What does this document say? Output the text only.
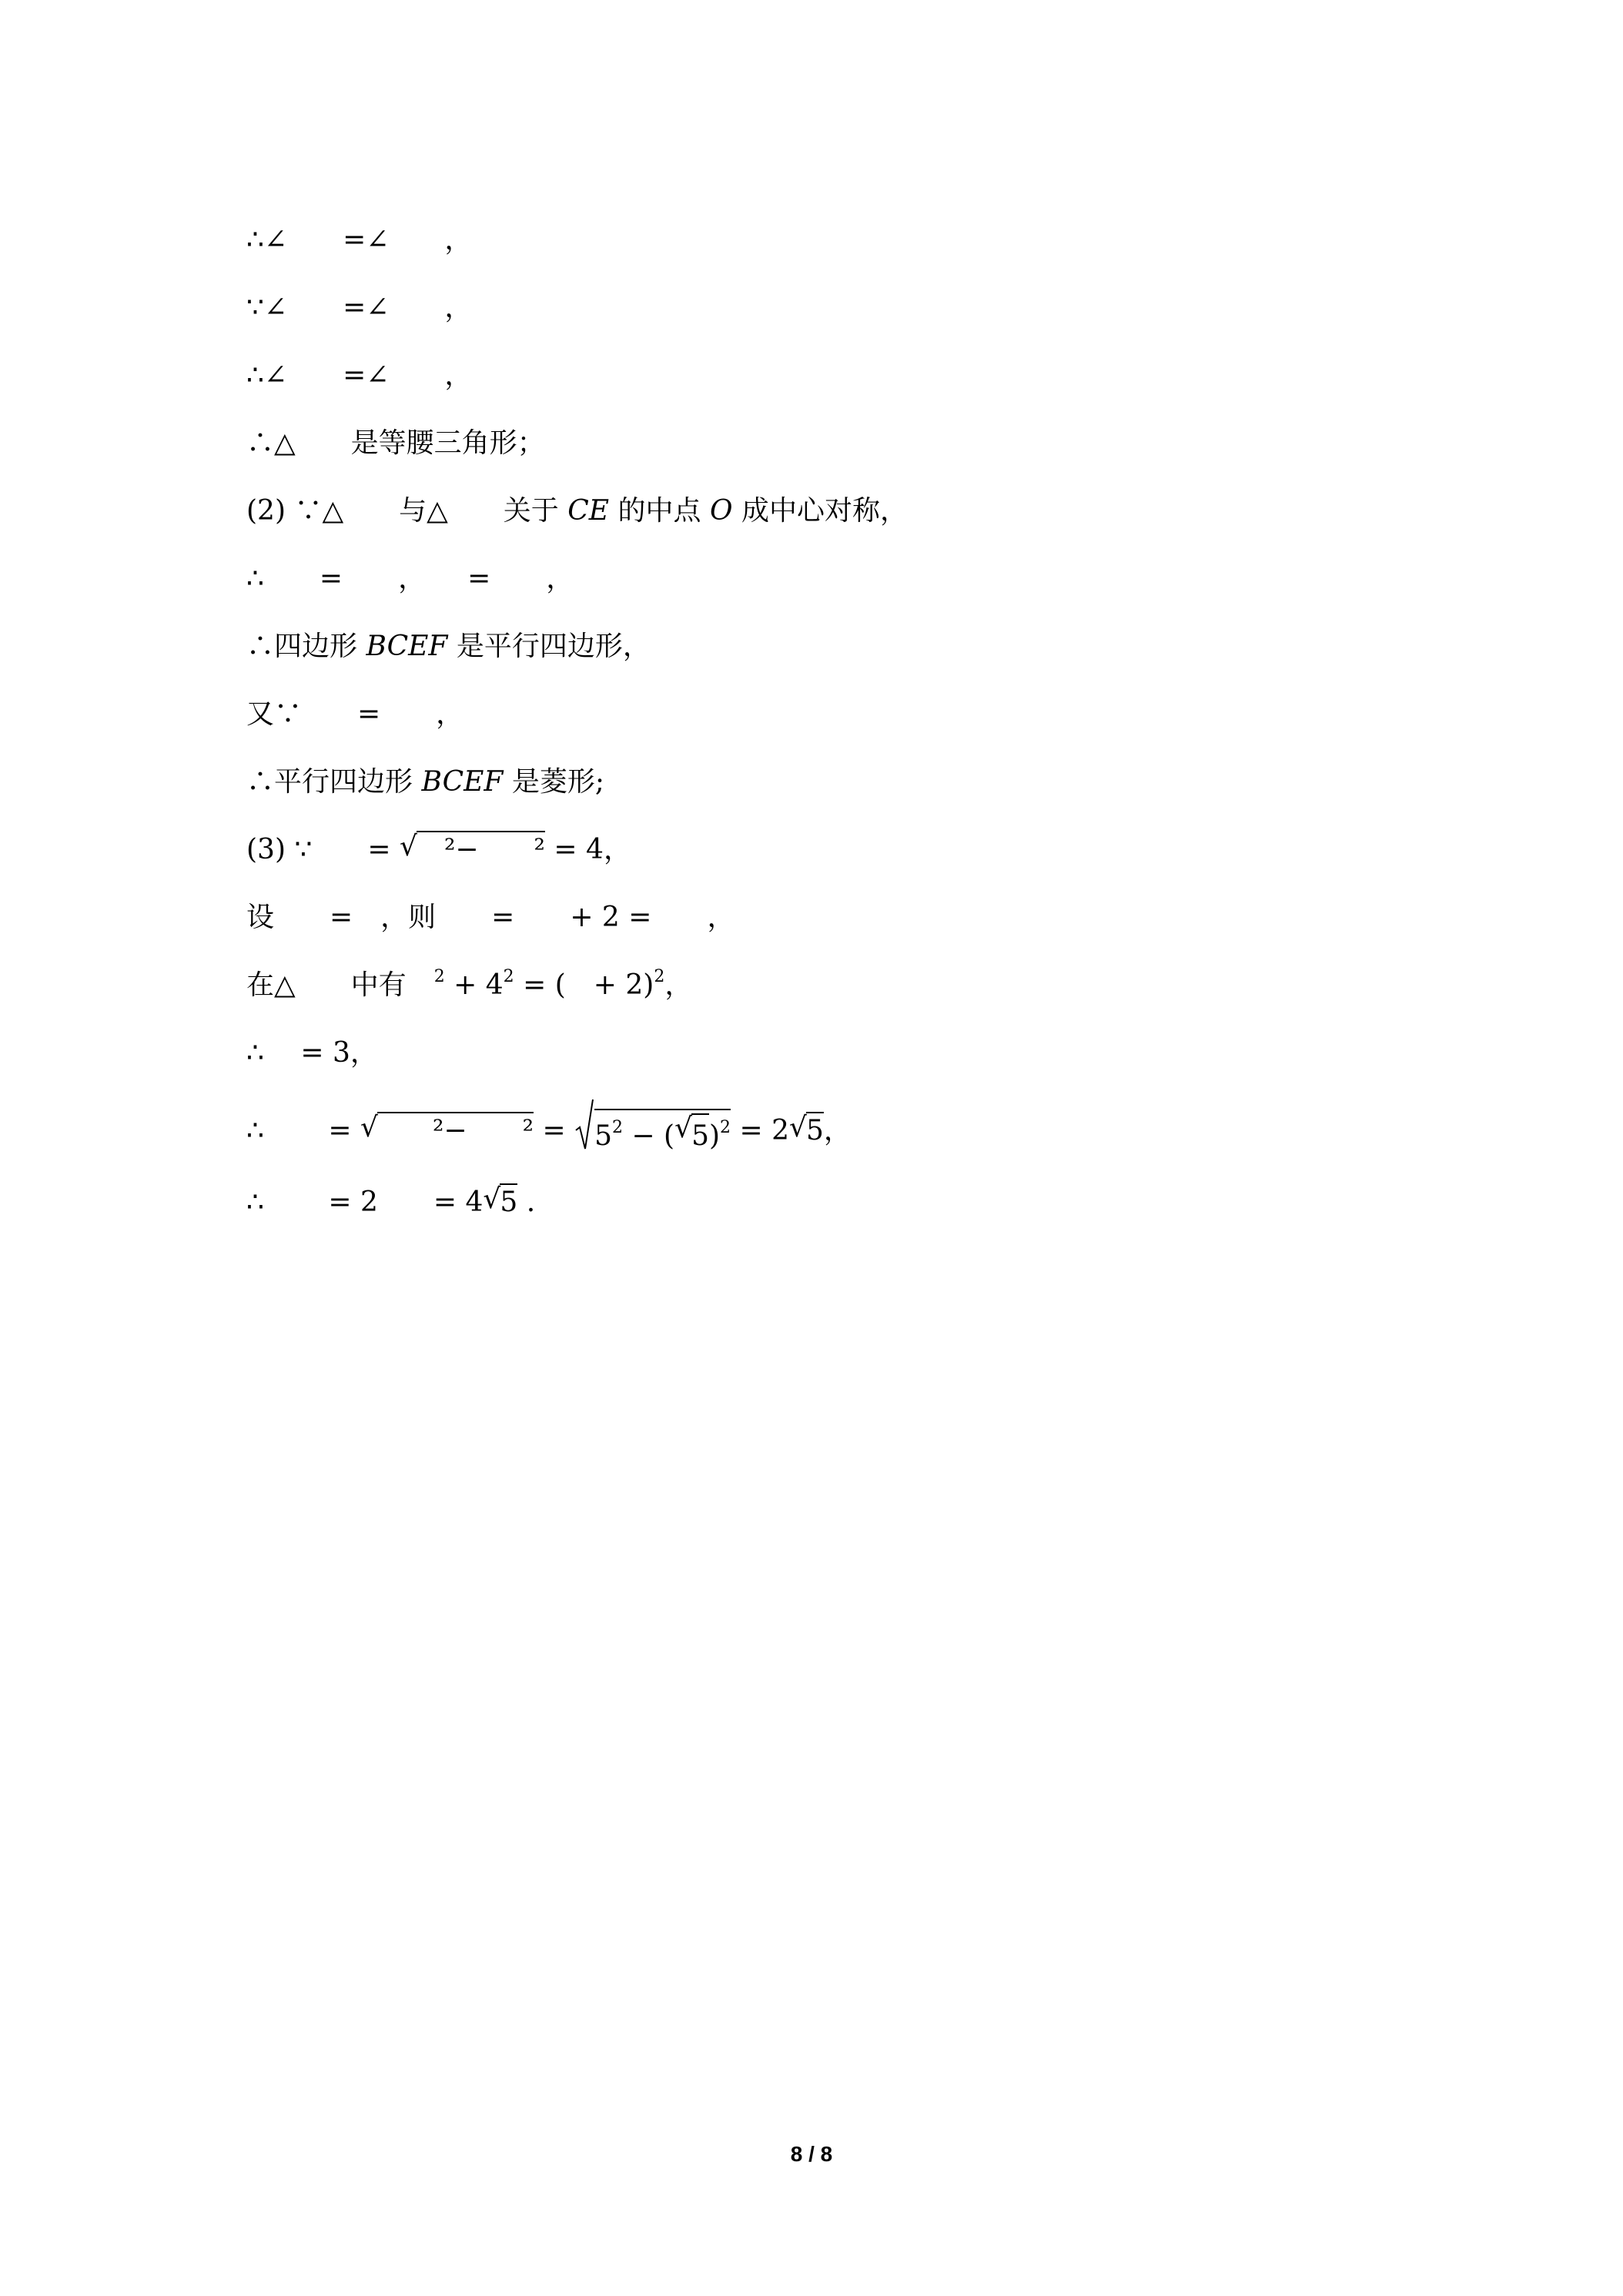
∴∠　　=∠　　，
∵∠　　=∠　　，
∴∠　　=∠　　，
∴△　　是等腰三角形；
(2) ∵△　　与△　　关于 CE 的中点 O 成中心对称，
∴　　=　　，　　=　　，
∴四边形 BCEF 是平行四边形，
又∵　　=　　，
∴平行四边形 BCEF 是菱形;
(3) ∵　　= √ 　²−　　² = 4，
设　　=　，则　　=　　+ 2 =　　，
在△　　中有　$^2 + 4^2$ = (　+ 2)$^2$，
∴　 = 3，
∴　　 = √ 　　²−　　² =
$5^2$ − ( √ 5)$^2$ = 2 √ 5，
∴　　 = 2　　= 4 √ 5 .
8 / 8
